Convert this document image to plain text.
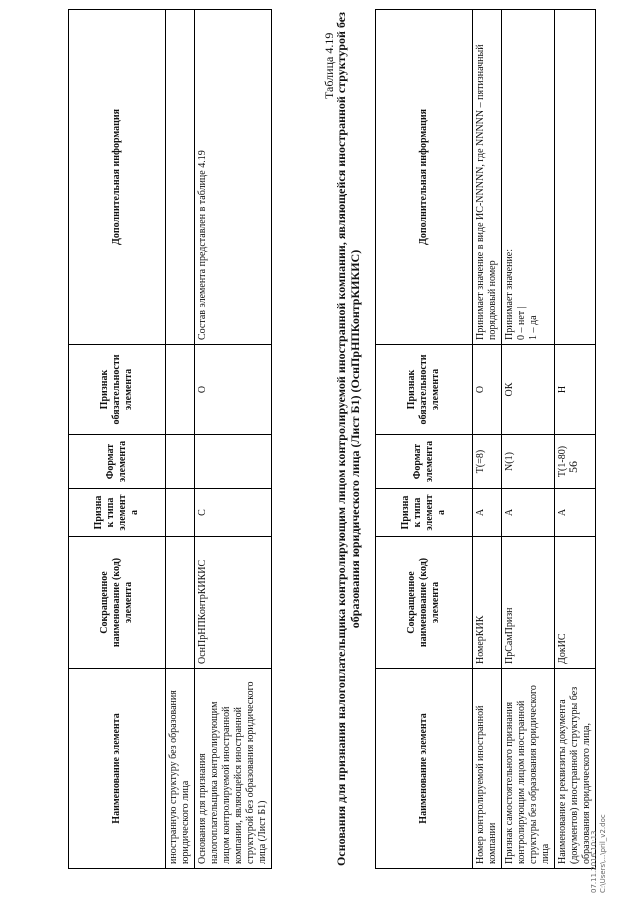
56
Наименование элемента	Сокращенное наименование (код) элемента	Признак типа элемента	Формат элемента	Признак обязательности элемента	Дополнительная информация
иностранную структуру без образования юридического лица					
Основания для признания налогоплательщика контролирующим лицом контролируемой иностранной компании, являющейся иностранной структурой без образования юридического лица (Лист Б1)	ОснПрНПКонтрКИКИС	С		О	Состав элемента представлен в таблице 4.19
Таблица 4.19
Основания для признания налогоплательщика контролирующим лицом контролируемой иностранной компании, являющейся иностранной структурой без образования юридического лица (Лист Б1) (ОснПрНПКонтрКИКИС)
Наименование элемента	Сокращенное наименование (код) элемента	Признак типа элемента	Формат элемента	Признак обязательности элемента	Дополнительная информация
Номер контролируемой иностранной компании	НомерКИК	А	T(=8)	О	Принимает значение в виде ИС-NNNNN, где NNNNN – пятизначный порядковый номер
Признак самостоятельного признания контролирующим лицом иностранной структуры без образования юридического лица	ПрСамПризн	А	N(1)	ОК	Принимает значение:
0 – нет |
1 – да
Наименование и реквизиты документа (документов) иностранной структуры без образования юридического лица,	ДокИС	А	T(1-80)	Н	
07.11.2016 10:13
С:\Users\...\pril_v2.doc
